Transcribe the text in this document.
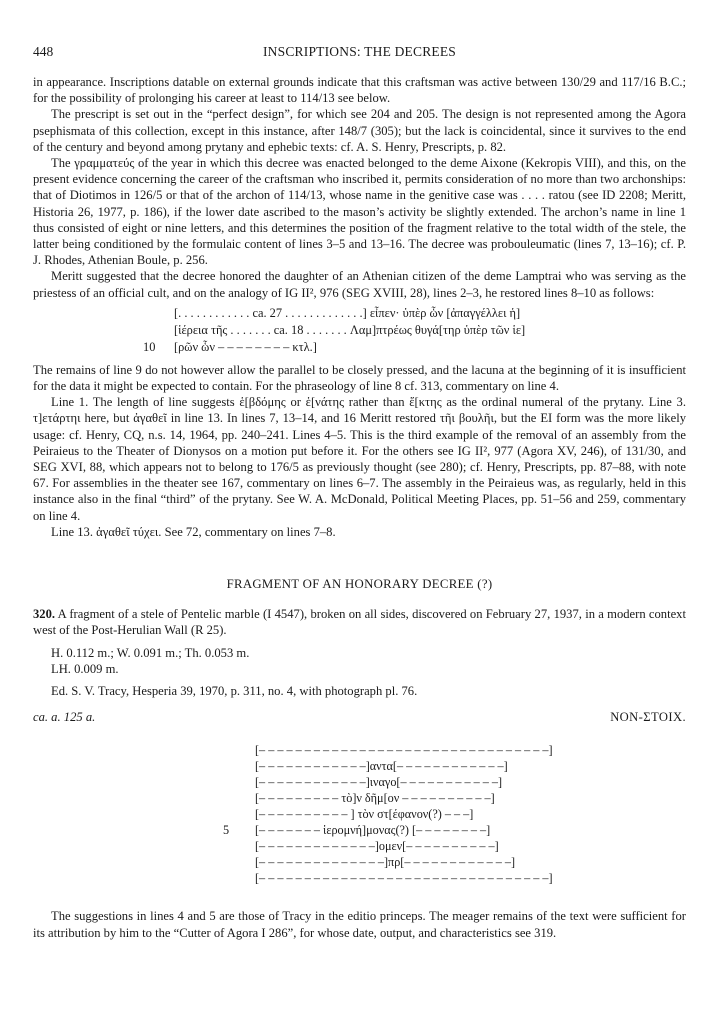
448	INSCRIPTIONS: THE DECREES

in appearance. Inscriptions datable on external grounds indicate that this craftsman was active between 130/29 and 117/16 B.C.; for the possibility of prolonging his career at least to 114/13 see below.

The prescript is set out in the “perfect design”, for which see 204 and 205. The design is not represented among the Agora psephismata of this collection, except in this instance, after 148/7 (305); but the lack is coincidental, since it survives to the end of the century and beyond among prytany and ephebic texts: cf. A. S. Henry, Prescripts, p. 82.

The γραμματεύς of the year in which this decree was enacted belonged to the deme Aixone (Kekropis VIII), and this, on the present evidence concerning the career of the craftsman who inscribed it, permits consideration of no more than two archonships: that of Diotimos in 126/5 or that of the archon of 114/13, whose name in the genitive case was . . . . ratou (see ID 2208; Meritt, Historia 26, 1977, p. 186), if the lower date ascribed to the mason’s activity be slightly extended. The archon’s name in line 1 thus consisted of eight or nine letters, and this determines the position of the fragment relative to the total width of the stele, the latter being conditioned by the formulaic content of lines 3–5 and 13–16. The decree was probouleumatic (lines 7, 13–16); cf. P. J. Rhodes, Athenian Boule, p. 256.

Meritt suggested that the decree honored the daughter of an Athenian citizen of the deme Lamptrai who was serving as the priestess of an official cult, and on the analogy of IG II², 976 (SEG XVIII, 28), lines 2–3, he restored lines 8–10 as follows:

[. . . . . . . . . . . . ca. 27 . . . . . . . . . . . . .] εἶπεν· ὑπὲρ ὧν [ἀπαγγέλλει ἡ]
[ἱέρεια τῆς . . . . . . . ca. 18 . . . . . . . Λαμ]πτρέως θυγά[τηρ ὑπὲρ τῶν ἱε]
10 [ρῶν ὧν – – – – – – – – κτλ.]

The remains of line 9 do not however allow the parallel to be closely pressed, and the lacuna at the beginning of it is insufficient for the data it might be expected to contain. For the phraseology of line 8 cf. 313, commentary on line 4.

Line 1. The length of line suggests ἑ[βδόμης or ἑ[νάτης rather than ἕ[κτης as the ordinal numeral of the prytany. Line 3. τ]ετάρτηι here, but ἀγαθεῖ in line 13. In lines 7, 13–14, and 16 Meritt restored τῆι βουλῆι, but the EI form was the more likely usage: cf. Henry, CQ, n.s. 14, 1964, pp. 240–241. Lines 4–5. This is the third example of the removal of an assembly from the Peiraieus to the Theater of Dionysos on a motion put before it. For the others see IG II², 977 (Agora XV, 246), of 131/30, and SEG XVI, 88, which appears not to belong to 176/5 as previously thought (see 280); cf. Henry, Prescripts, pp. 87–88, with note 67. For assemblies in the theater see 167, commentary on lines 6–7. The assembly in the Peiraieus was, as regularly, held in this instance also in the final “third” of the prytany. See W. A. McDonald, Political Meeting Places, pp. 51–56 and 259, commentary on line 4.

Line 13. ἀγαθεῖ τύχει. See 72, commentary on lines 7–8.

FRAGMENT OF AN HONORARY DECREE (?)

320. A fragment of a stele of Pentelic marble (I 4547), broken on all sides, discovered on February 27, 1937, in a modern context west of the Post-Herulian Wall (R 25).

H. 0.112 m.; W. 0.091 m.; Th. 0.053 m.

LH. 0.009 m.

Ed. S. V. Tracy, Hesperia 39, 1970, p. 311, no. 4, with photograph pl. 76.

ca. a. 125 a.	NON-ΣΤΟΙΧ.
[– – – – – – – – – – – – – – – – – – – – – – – – – – – – – – – –]
[– – – – – – – – – – – –]αντα[– – – – – – – – – – – –]
[– – – – – – – – – – – –]ιναγο[– – – – – – – – – – –]
[– – – – – – – – – τὸ]ν δῆμ[ον – – – – – – – – – –]
[– – – – – – – – – – ] τὸν στ[έφανον(?) – – –]
5 [– – – – – – – ἱερομνή]μονας(?) [– – – – – – – –]
[– – – – – – – – – – – – –]ομεν[– – – – – – – – – –]
[– – – – – – – – – – – – – –]πρ[– – – – – – – – – – – –]
[– – – – – – – – – – – – – – – – – – – – – – – – – – – – – – – –]

The suggestions in lines 4 and 5 are those of Tracy in the editio princeps. The meager remains of the text were sufficient for its attribution by him to the “Cutter of Agora I 286”, for whose date, output, and characteristics see 319.
